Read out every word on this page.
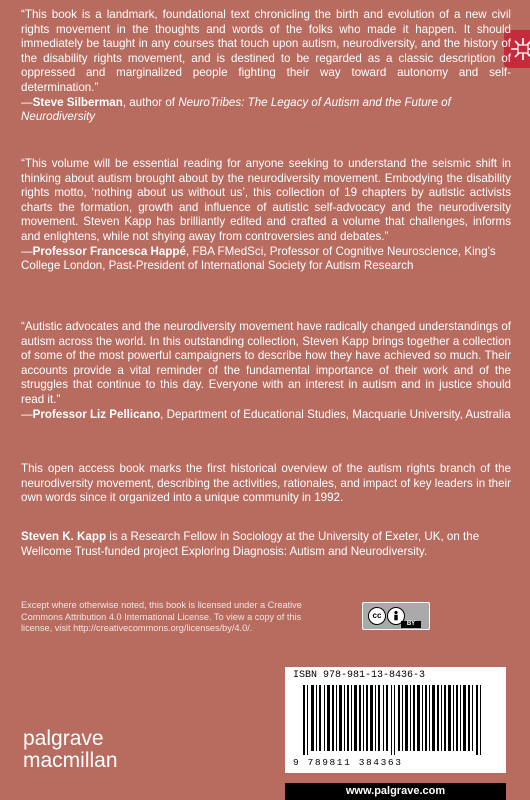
“This book is a landmark, foundational text chronicling the birth and evolution of a new civil rights movement in the thoughts and words of the folks who made it happen. It should immediately be taught in any courses that touch upon autism, neurodiversity, and the history of the disability rights movement, and is destined to be regarded as a classic description of oppressed and marginalized people fighting their way toward autonomy and self-determination.”
—Steve Silberman, author of NeuroTribes: The Legacy of Autism and the Future of Neurodiversity
“This volume will be essential reading for anyone seeking to understand the seismic shift in thinking about autism brought about by the neurodiversity movement. Embodying the disability rights motto, ‘nothing about us without us’, this collection of 19 chapters by autistic activists charts the formation, growth and influence of autistic self-advocacy and the neurodiversity movement. Steven Kapp has brilliantly edited and crafted a volume that challenges, informs and enlightens, while not shying away from controversies and debates.”
—Professor Francesca Happé, FBA FMedSci, Professor of Cognitive Neuroscience, King’s College London, Past-President of International Society for Autism Research
“Autistic advocates and the neurodiversity movement have radically changed understandings of autism across the world. In this outstanding collection, Steven Kapp brings together a collection of some of the most powerful campaigners to describe how they have achieved so much. Their accounts provide a vital reminder of the fundamental importance of their work and of the struggles that continue to this day. Everyone with an interest in autism and in justice should read it.”
—Professor Liz Pellicano, Department of Educational Studies, Macquarie University, Australia
This open access book marks the first historical overview of the autism rights branch of the neurodiversity movement, describing the activities, rationales, and impact of key leaders in their own words since it organized into a unique community in 1992.
Steven K. Kapp is a Research Fellow in Sociology at the University of Exeter, UK, on the Wellcome Trust-funded project Exploring Diagnosis: Autism and Neurodiversity.
Except where otherwise noted, this book is licensed under a Creative Commons Attribution 4.0 International License. To view a copy of this license, visit http://creativecommons.org/licenses/by/4.0/.
cc
BY
ISBN 978-981-13-8436-3
9 789811 384363
www.palgrave.com
palgrave
macmillan
